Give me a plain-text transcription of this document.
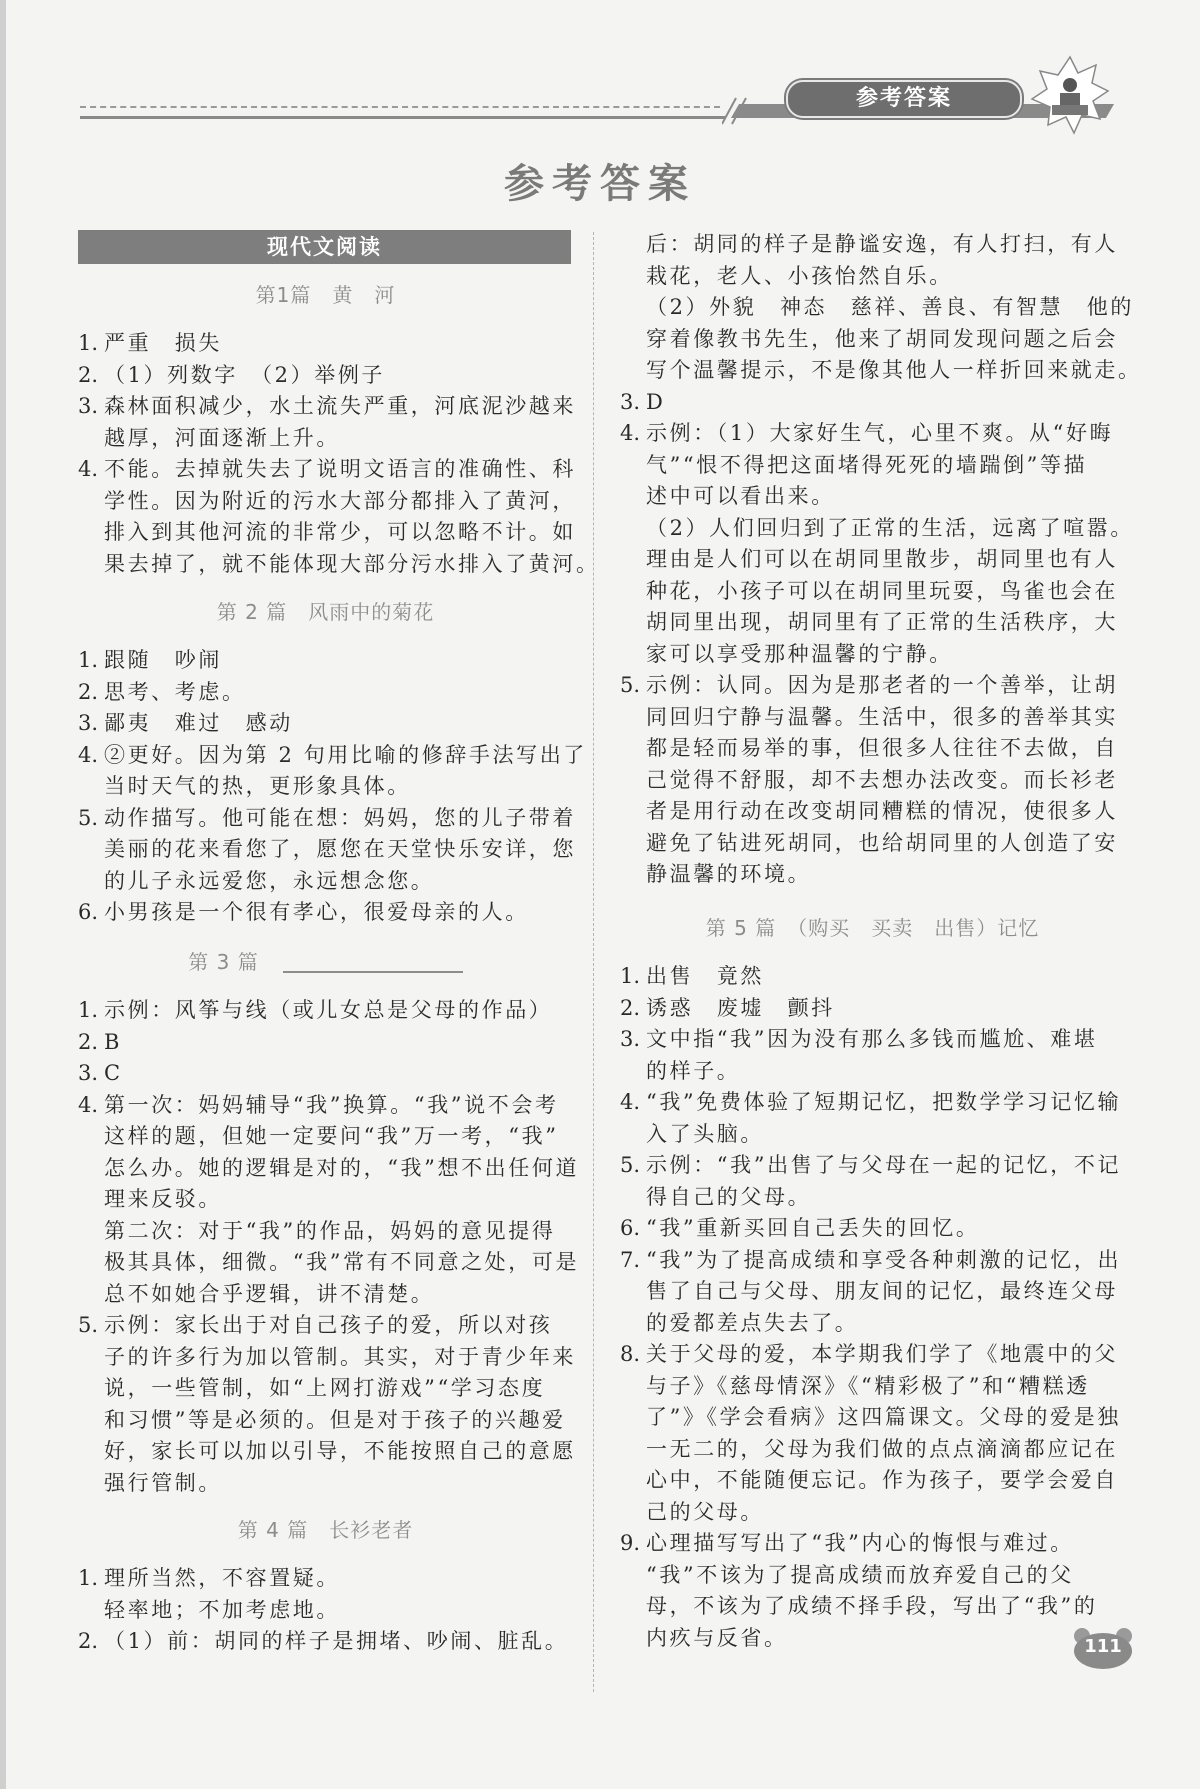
参考答案
参考答案
现代文阅读
第1篇　黄　河
1. 严重　损失
2. （1）列数字　（2）举例子
3. 森林面积减少，水土流失严重，河底泥沙越来
越厚，河面逐渐上升。
4. 不能。去掉就失去了说明文语言的准确性、科
学性。因为附近的污水大部分都排入了黄河，
排入到其他河流的非常少，可以忽略不计。如
果去掉了，就不能体现大部分污水排入了黄河。
第 2 篇　风雨中的菊花
1. 跟随　吵闹
2. 思考、考虑。
3. 鄙夷　难过　感动
4. ②更好。因为第 2 句用比喻的修辞手法写出了
当时天气的热，更形象具体。
5. 动作描写。他可能在想：妈妈，您的儿子带着
美丽的花来看您了，愿您在天堂快乐安详，您
的儿子永远爱您，永远想念您。
6. 小男孩是一个很有孝心，很爱母亲的人。
第 3 篇
1. 示例：风筝与线（或儿女总是父母的作品）
2. B
3. C
4. 第一次：妈妈辅导“我”换算。“我”说不会考
这样的题，但她一定要问“我”万一考，“我”
怎么办。她的逻辑是对的，“我”想不出任何道
理来反驳。
第二次：对于“我”的作品，妈妈的意见提得
极其具体，细微。“我”常有不同意之处，可是
总不如她合乎逻辑，讲不清楚。
5. 示例：家长出于对自己孩子的爱，所以对孩
子的许多行为加以管制。其实，对于青少年来
说，一些管制，如“上网打游戏”“学习态度
和习惯”等是必须的。但是对于孩子的兴趣爱
好，家长可以加以引导，不能按照自己的意愿
强行管制。
第 4 篇　长衫老者
1. 理所当然，不容置疑。
轻率地；不加考虑地。
2. （1）前：胡同的样子是拥堵、吵闹、脏乱。
后：胡同的样子是静谧安逸，有人打扫，有人
栽花，老人、小孩怡然自乐。
（2）外貌　神态　慈祥、善良、有智慧　他的
穿着像教书先生，他来了胡同发现问题之后会
写个温馨提示，不是像其他人一样折回来就走。
3. D
4. 示例：（1）大家好生气，心里不爽。从“好晦
气”“恨不得把这面堵得死死的墙踹倒”等描
述中可以看出来。
（2）人们回归到了正常的生活，远离了喧嚣。
理由是人们可以在胡同里散步，胡同里也有人
种花，小孩子可以在胡同里玩耍，鸟雀也会在
胡同里出现，胡同里有了正常的生活秩序，大
家可以享受那种温馨的宁静。
5. 示例：认同。因为是那老者的一个善举，让胡
同回归宁静与温馨。生活中，很多的善举其实
都是轻而易举的事，但很多人往往不去做，自
己觉得不舒服，却不去想办法改变。而长衫老
者是用行动在改变胡同糟糕的情况，使很多人
避免了钻进死胡同，也给胡同里的人创造了安
静温馨的环境。
第 5 篇　（购买　买卖　出售）记忆
1. 出售　竟然
2. 诱惑　废墟　颤抖
3. 文中指“我”因为没有那么多钱而尴尬、难堪
的样子。
4. “我”免费体验了短期记忆，把数学学习记忆输
入了头脑。
5. 示例：“我”出售了与父母在一起的记忆，不记
得自己的父母。
6. “我”重新买回自己丢失的回忆。
7. “我”为了提高成绩和享受各种刺激的记忆，出
售了自己与父母、朋友间的记忆，最终连父母
的爱都差点失去了。
8. 关于父母的爱，本学期我们学了《地震中的父
与子》《慈母情深》《“精彩极了”和“糟糕透
了”》《学会看病》这四篇课文。父母的爱是独
一无二的，父母为我们做的点点滴滴都应记在
心中，不能随便忘记。作为孩子，要学会爱自
己的父母。
9. 心理描写写出了“我”内心的悔恨与难过。
“我”不该为了提高成绩而放弃爱自己的父
母，不该为了成绩不择手段，写出了“我”的
内疚与反省。	111
